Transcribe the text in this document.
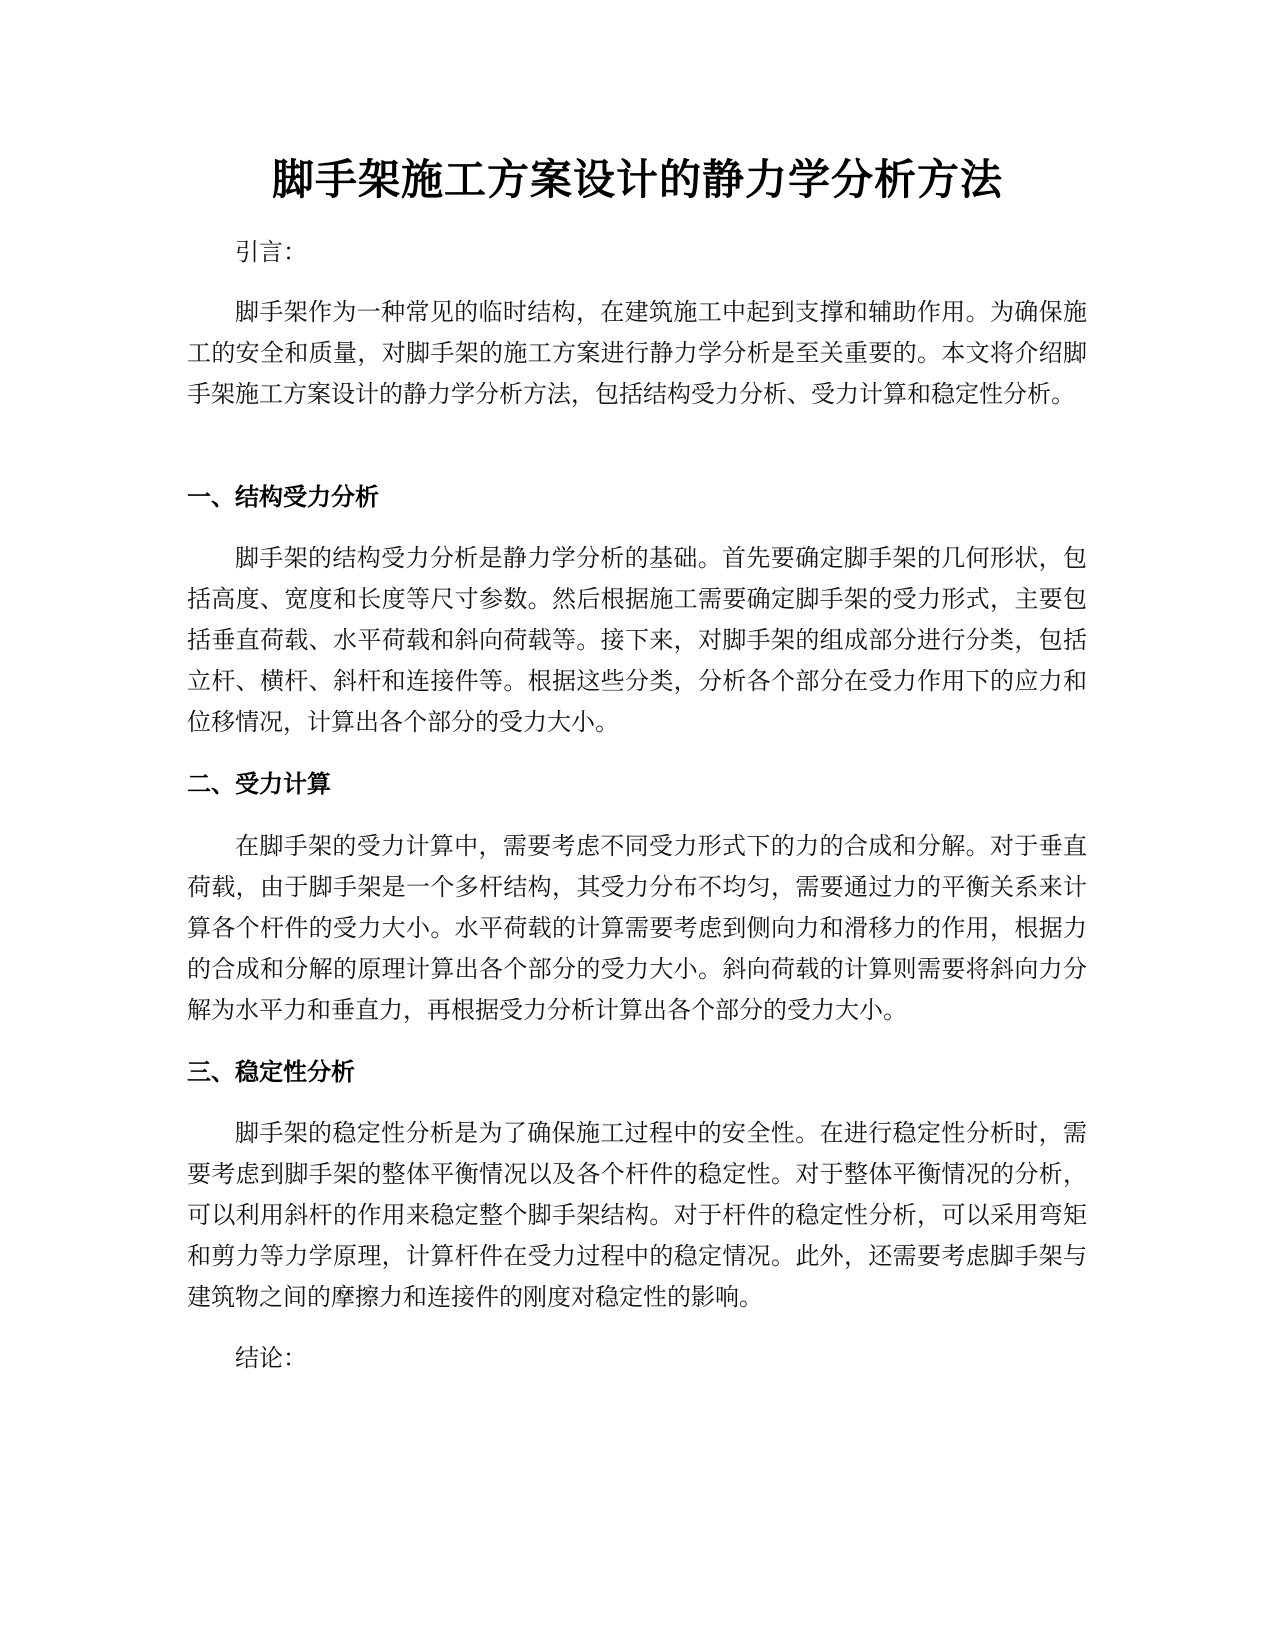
脚手架施工方案设计的静力学分析方法

引言：

脚手架作为一种常见的临时结构，在建筑施工中起到支撑和辅助作用。为确保施工的安全和质量，对脚手架的施工方案进行静力学分析是至关重要的。本文将介绍脚手架施工方案设计的静力学分析方法，包括结构受力分析、受力计算和稳定性分析。

一、结构受力分析

脚手架的结构受力分析是静力学分析的基础。首先要确定脚手架的几何形状，包括高度、宽度和长度等尺寸参数。然后根据施工需要确定脚手架的受力形式，主要包括垂直荷载、水平荷载和斜向荷载等。接下来，对脚手架的组成部分进行分类，包括立杆、横杆、斜杆和连接件等。根据这些分类，分析各个部分在受力作用下的应力和位移情况，计算出各个部分的受力大小。

二、受力计算

在脚手架的受力计算中，需要考虑不同受力形式下的力的合成和分解。对于垂直荷载，由于脚手架是一个多杆结构，其受力分布不均匀，需要通过力的平衡关系来计算各个杆件的受力大小。水平荷载的计算需要考虑到侧向力和滑移力的作用，根据力的合成和分解的原理计算出各个部分的受力大小。斜向荷载的计算则需要将斜向力分解为水平力和垂直力，再根据受力分析计算出各个部分的受力大小。

三、稳定性分析

脚手架的稳定性分析是为了确保施工过程中的安全性。在进行稳定性分析时，需要考虑到脚手架的整体平衡情况以及各个杆件的稳定性。对于整体平衡情况的分析，可以利用斜杆的作用来稳定整个脚手架结构。对于杆件的稳定性分析，可以采用弯矩和剪力等力学原理，计算杆件在受力过程中的稳定情况。此外，还需要考虑脚手架与建筑物之间的摩擦力和连接件的刚度对稳定性的影响。

结论：
